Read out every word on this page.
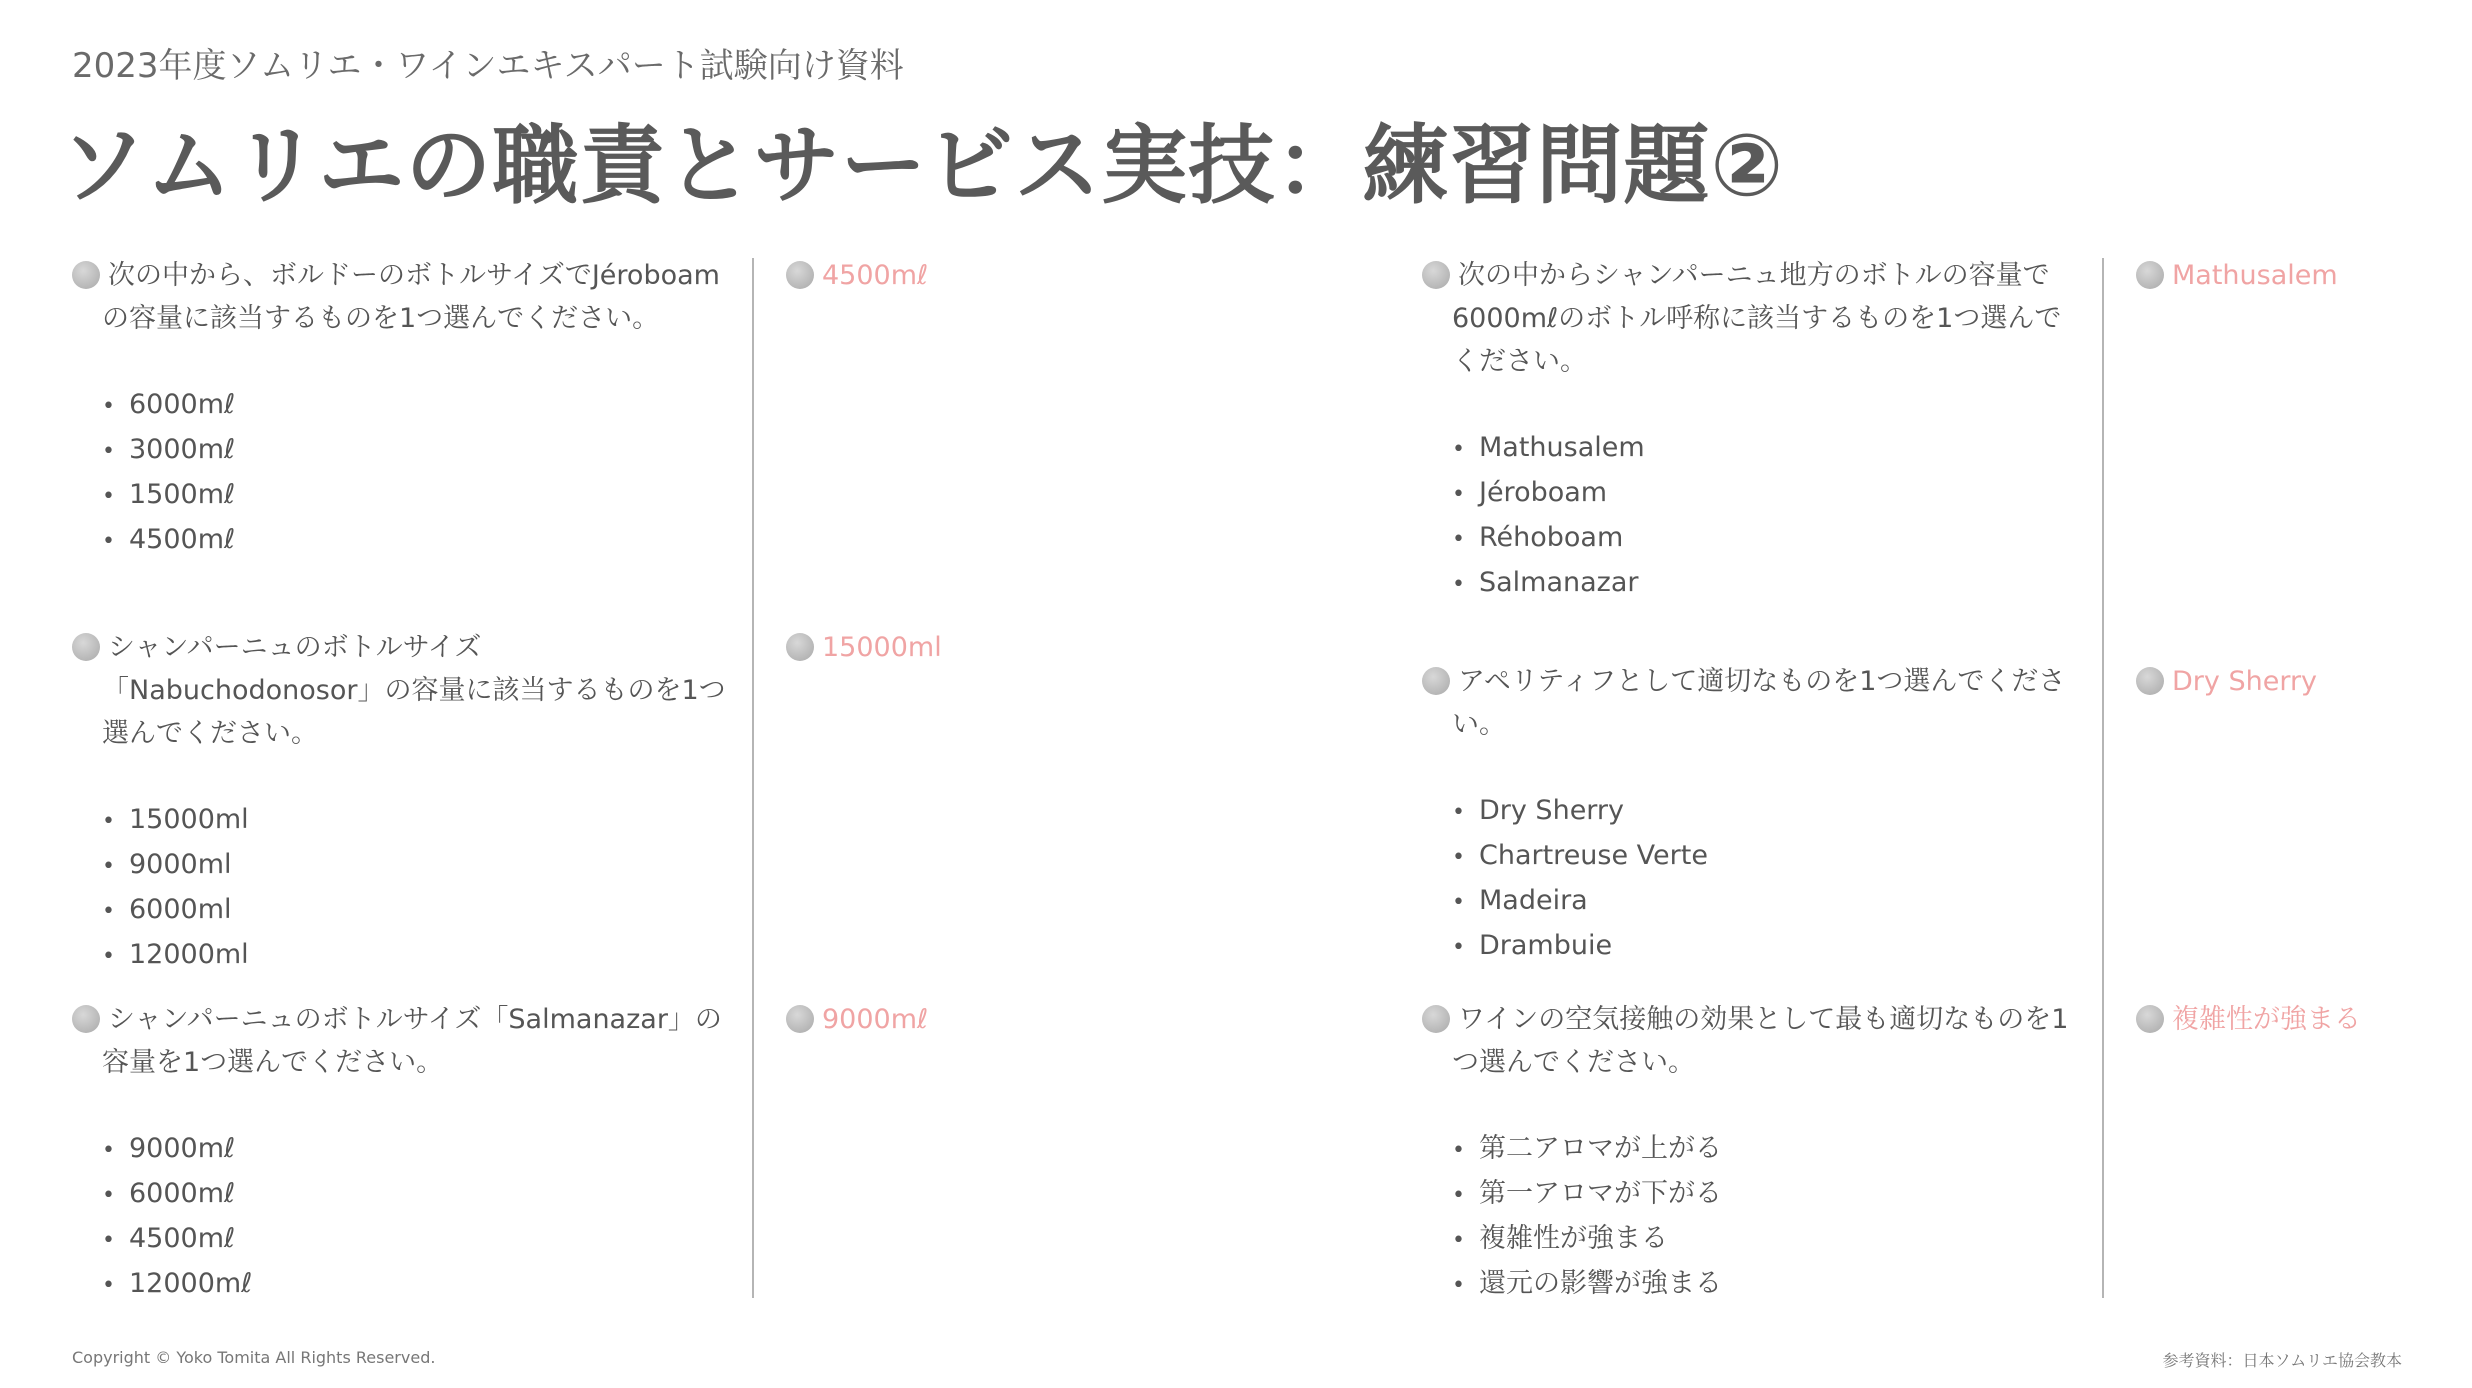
2023年度ソムリエ・ワインエキスパート試験向け資料
ソムリエの職責とサービス実技：練習問題②
次の中から、ボルドーのボトルサイズでJéroboamの容量に該当するものを1つ選んでください。
• 6000mℓ
• 3000mℓ
• 1500mℓ
• 4500mℓ
4500mℓ
シャンパーニュのボトルサイズ「Nabuchodonosor」の容量に該当するものを1つ選んでください。
• 15000ml
• 9000ml
• 6000ml
• 12000ml
15000ml
シャンパーニュのボトルサイズ「Salmanazar」の容量を1つ選んでください。
• 9000mℓ
• 6000mℓ
• 4500mℓ
• 12000mℓ
9000mℓ
次の中からシャンパーニュ地方のボトルの容量で6000mℓのボトル呼称に該当するものを1つ選んでください。
• Mathusalem
• Jéroboam
• Réhoboam
• Salmanazar
Mathusalem
アペリティフとして適切なものを1つ選んでください。
• Dry Sherry
• Chartreuse Verte
• Madeira
• Drambuie
Dry Sherry
ワインの空気接触の効果として最も適切なものを1つ選んでください。
• 第二アロマが上がる
• 第一アロマが下がる
• 複雑性が強まる
• 還元の影響が強まる
複雑性が強まる
Copyright © Yoko Tomita All Rights Reserved.	参考資料：日本ソムリエ協会教本
